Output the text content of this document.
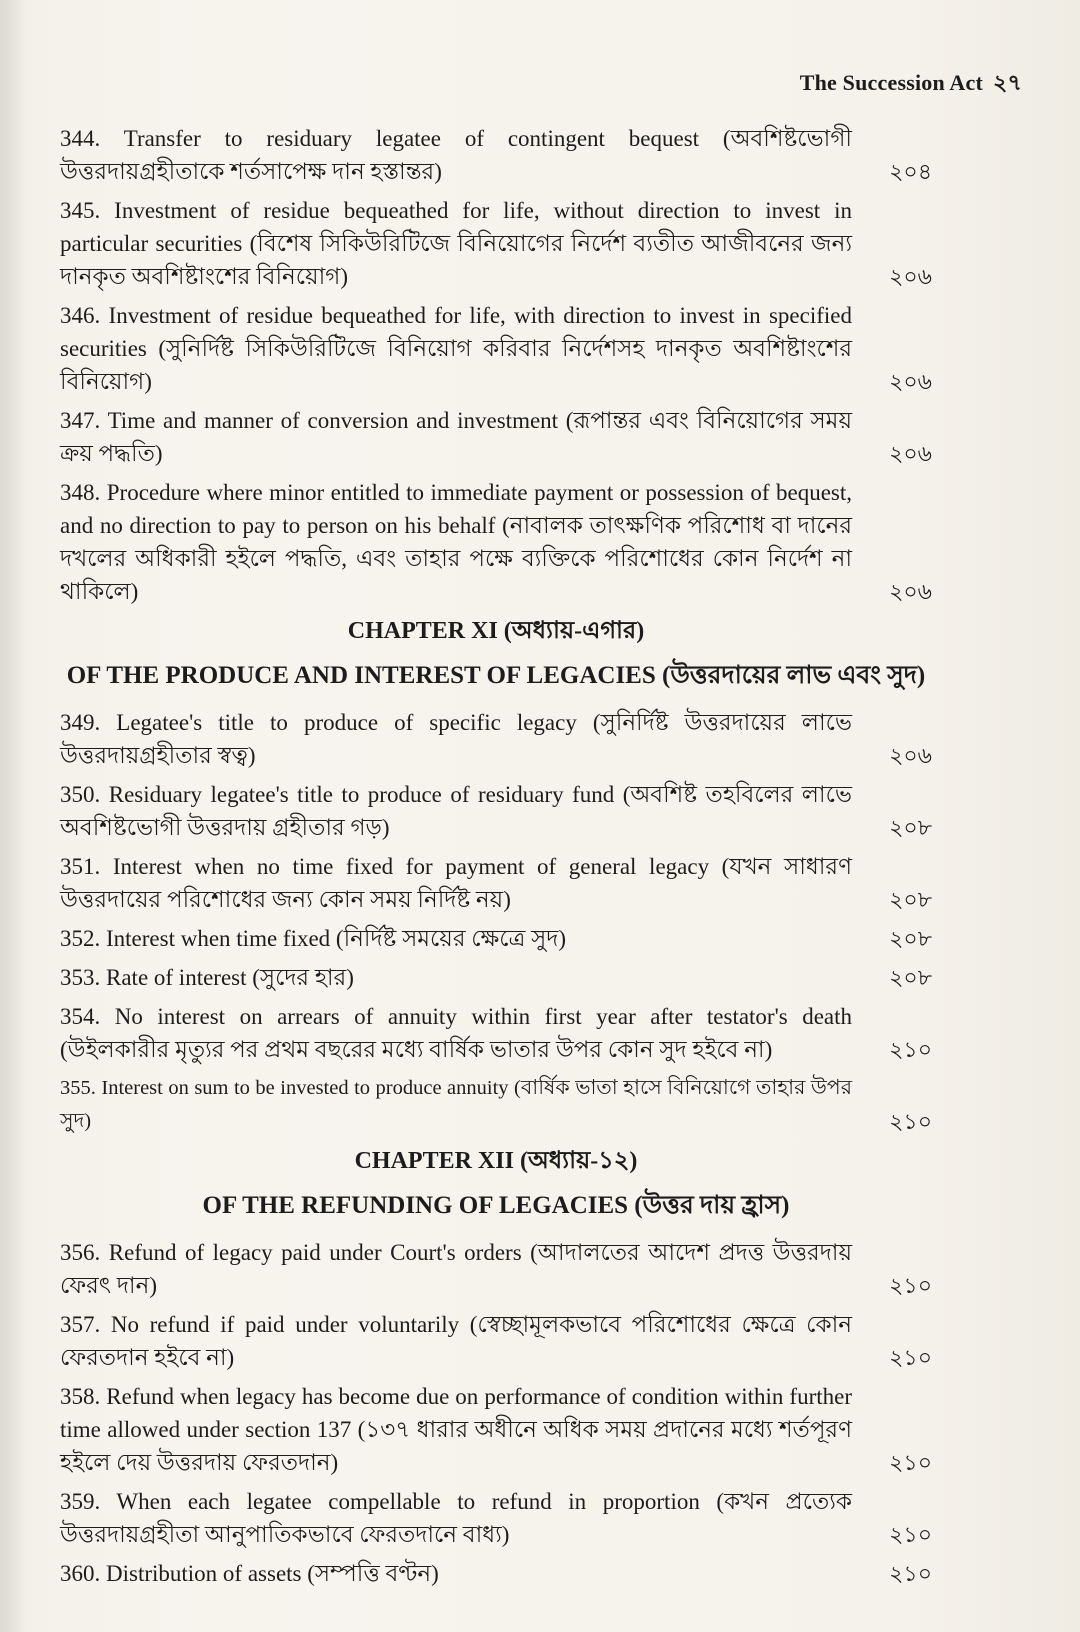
The Succession Act ২৭
344. Transfer to residuary legatee of contingent bequest (অবশিষ্টভোগী উত্তরদায়গ্রহীতাকে শর্তসাপেক্ষ দান হস্তান্তর)	২০৪
345. Investment of residue bequeathed for life, without direction to invest in particular securities (বিশেষ সিকিউরিটিজে বিনিয়োগের নির্দেশ ব্যতীত আজীবনের জন্য দানকৃত অবশিষ্টাংশের বিনিয়োগ)	২০৬
346. Investment of residue bequeathed for life, with direction to invest in specified securities (সুনির্দিষ্ট সিকিউরিটিজে বিনিয়োগ করিবার নির্দেশসহ দানকৃত অবশিষ্টাংশের বিনিয়োগ)	২০৬
347. Time and manner of conversion and investment (রূপান্তর এবং বিনিয়োগের সময় ক্রয় পদ্ধতি)	২০৬
348. Procedure where minor entitled to immediate payment or possession of bequest, and no direction to pay to person on his behalf (নাবালক তাৎক্ষণিক পরিশোধ বা দানের দখলের অধিকারী হইলে পদ্ধতি, এবং তাহার পক্ষে ব্যক্তিকে পরিশোধের কোন নির্দেশ না থাকিলে)	২০৬
CHAPTER XI (অধ্যায়-এগার)
OF THE PRODUCE AND INTEREST OF LEGACIES (উত্তরদায়ের লাভ এবং সুদ)
349. Legatee's title to produce of specific legacy (সুনির্দিষ্ট উত্তরদায়ের লাভে উত্তরদায়গ্রহীতার স্বত্ব)	২০৬
350. Residuary legatee's title to produce of residuary fund (অবশিষ্ট তহবিলের লাভে অবশিষ্টভোগী উত্তরদায় গ্রহীতার গড়)	২০৮
351. Interest when no time fixed for payment of general legacy (যখন সাধারণ উত্তরদায়ের পরিশোধের জন্য কোন সময় নির্দিষ্ট নয়)	২০৮
352. Interest when time fixed (নির্দিষ্ট সময়ের ক্ষেত্রে সুদ)	২০৮
353. Rate of interest (সুদের হার)	২০৮
354. No interest on arrears of annuity within first year after testator's death (উইলকারীর মৃত্যুর পর প্রথম বছরের মধ্যে বার্ষিক ভাতার উপর কোন সুদ হইবে না)	২১০
355. Interest on sum to be invested to produce annuity (বার্ষিক ভাতা হাসে বিনিয়োগে তাহার উপর সুদ)	২১০
CHAPTER XII (অধ্যায়-১২)
OF THE REFUNDING OF LEGACIES (উত্তর দায় হ্রাস)
356. Refund of legacy paid under Court's orders (আদালতের আদেশ প্রদত্ত উত্তরদায় ফেরৎ দান)	২১০
357. No refund if paid under voluntarily (স্বেচ্ছামূলকভাবে পরিশোধের ক্ষেত্রে কোন ফেরতদান হইবে না)	২১০
358. Refund when legacy has become due on performance of condition within further time allowed under section 137 (১৩৭ ধারার অধীনে অধিক সময় প্রদানের মধ্যে শর্তপূরণ হইলে দেয় উত্তরদায় ফেরতদান)	২১০
359. When each legatee compellable to refund in proportion (কখন প্রত্যেক উত্তরদায়গ্রহীতা আনুপাতিকভাবে ফেরতদানে বাধ্য)	২১০
360. Distribution of assets (সম্পত্তি বণ্টন)	২১০
